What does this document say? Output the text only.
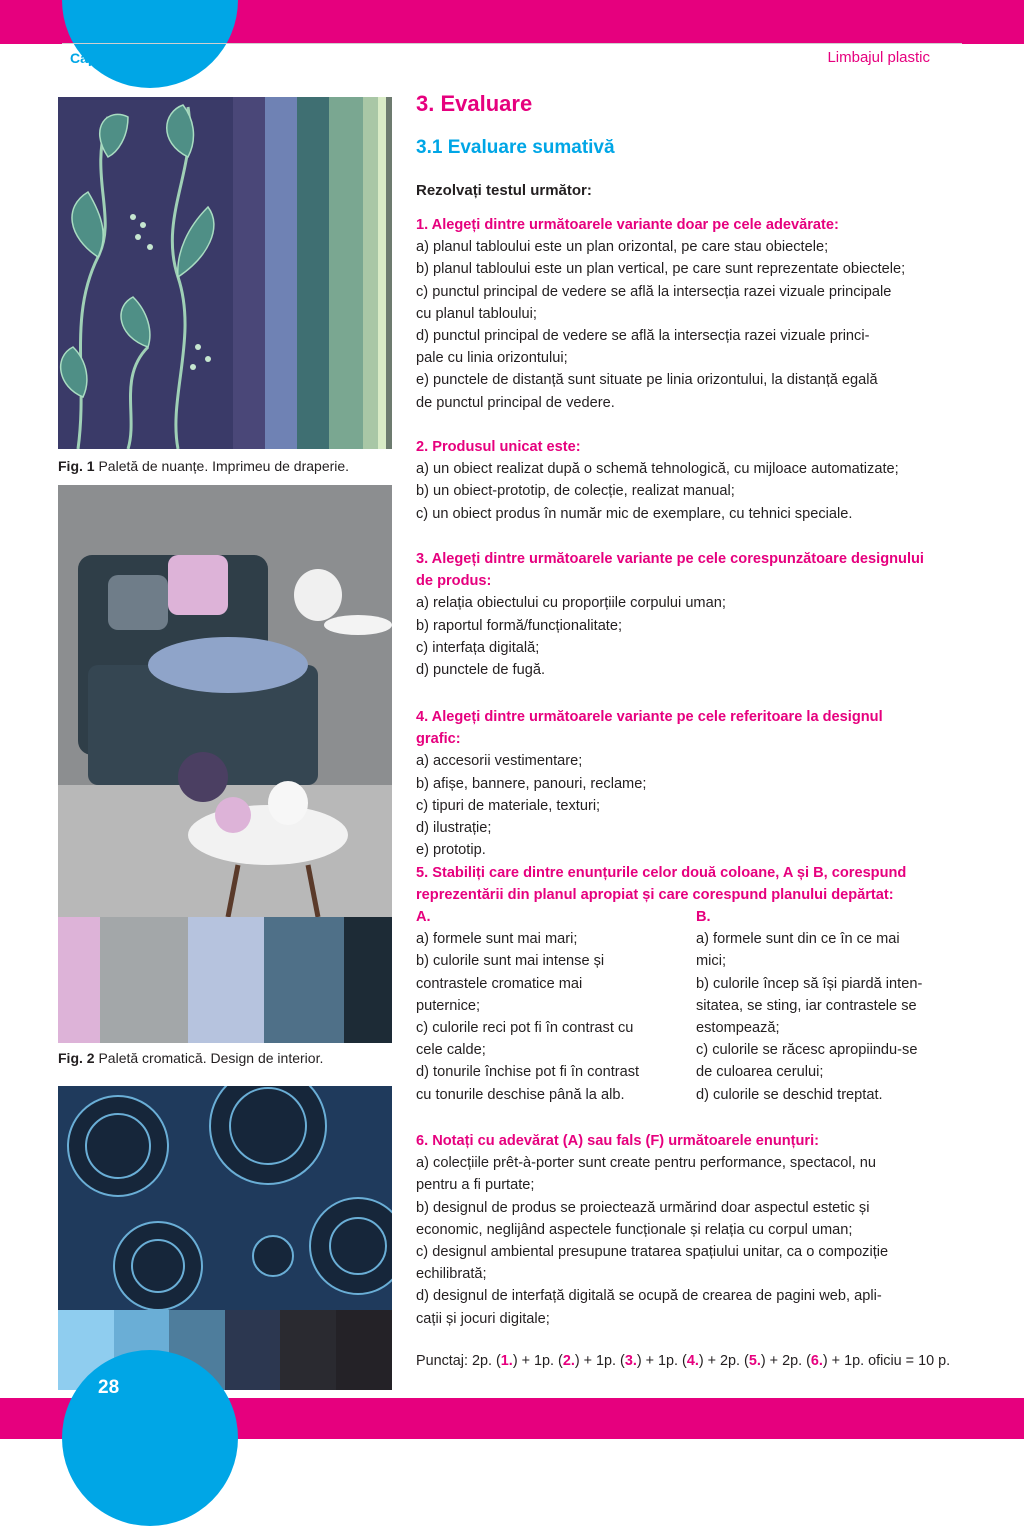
Capitolul I	Limbajul plastic
Fig. 1 Paletă de nuanțe. Imprimeu de draperie.
Fig. 2 Paletă cromatică. Design de interior.
28
3. Evaluare
3.1 Evaluare sumativă
Rezolvați testul următor:

1. Alegeți dintre următoarele variante doar pe cele adevărate:

a) planul tabloului este un plan orizontal, pe care stau obiectele;

b) planul tabloului este un plan vertical, pe care sunt reprezentate obiectele;

c) punctul principal de vedere se află la intersecția razei vizuale principale

cu planul tabloului;

d) punctul principal de vedere se află la intersecția razei vizuale princi-

pale cu linia orizontului;

e) punctele de distanță sunt situate pe linia orizontului, la distanță egală

de punctul principal de vedere.

2. Produsul unicat este:

a) un obiect realizat după o schemă tehnologică, cu mijloace automatizate;

b) un obiect-prototip, de colecție, realizat manual;

c) un obiect produs în număr mic de exemplare, cu tehnici speciale.

3. Alegeți dintre următoarele variante pe cele corespunzătoare designului de produs:

a) relația obiectului cu proporțiile corpului uman;

b) raportul formă/funcționalitate;

c) interfața digitală;

d) punctele de fugă.

4. Alegeți dintre următoarele variante pe cele referitoare la designul grafic:

a) accesorii vestimentare;

b) afișe, bannere, panouri, reclame;

c) tipuri de materiale, texturi;

d) ilustrație;

e) prototip.

5. Stabiliți care dintre enunțurile celor două coloane, A și B, corespund reprezentării din planul apropiat și care corespund planului depărtat:

A.
a) formele sunt mai mari;
b) culorile sunt mai intense și
contrastele cromatice mai
puternice;
c) culorile reci pot fi în contrast cu
cele calde;
d) tonurile închise pot fi în contrast
cu tonurile deschise până la alb.
B.
a) formele sunt din ce în ce mai
mici;
b) culorile încep să își piardă inten-
sitatea, se sting, iar contrastele se
estompează;
c) culorile se răcesc apropiindu-se
de culoarea cerului;
d) culorile se deschid treptat.

6. Notați cu adevărat (A) sau fals (F) următoarele enunțuri:

a) colecțiile prêt-à-porter sunt create pentru performance, spectacol, nu

pentru a fi purtate;

b) designul de produs se proiectează urmărind doar aspectul estetic și

economic, neglijând aspectele funcționale și relația cu corpul uman;

c) designul ambiental presupune tratarea spațiului unitar, ca o compoziție

echilibrată;

d) designul de interfață digitală se ocupă de crearea de pagini web, apli-

cații și jocuri digitale;

Punctaj: 2p. (1.) + 1p. (2.) + 1p. (3.) + 1p. (4.) + 2p. (5.) + 2p. (6.) + 1p. oficiu = 10 p.
